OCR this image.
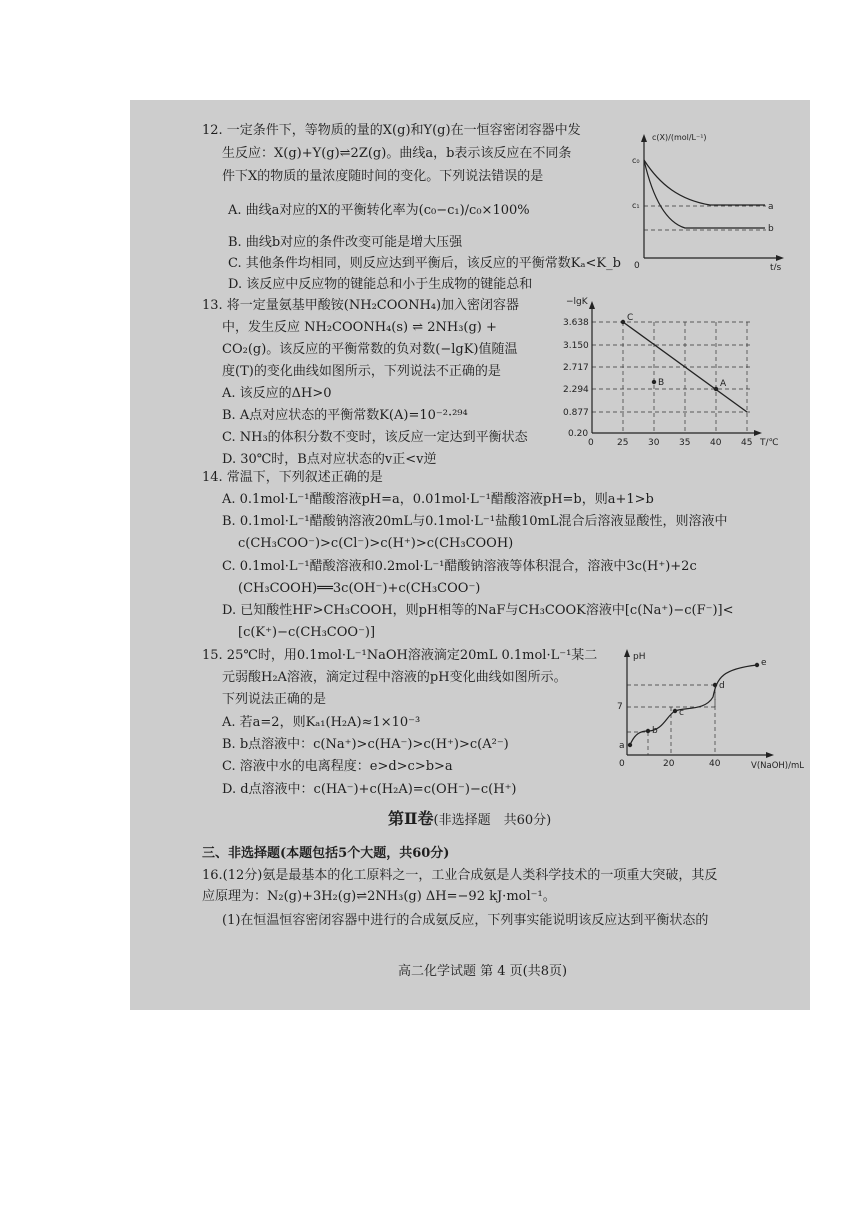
12. 一定条件下，等物质的量的X(g)和Y(g)在一恒容密闭容器中发
生反应：X(g)+Y(g)⇌2Z(g)。曲线a，b表示该反应在不同条
件下X的物质的量浓度随时间的变化。下列说法错误的是
A. 曲线a对应的X的平衡转化率为(c₀−c₁)/c₀×100%
B. 曲线b对应的条件改变可能是增大压强
C. 其他条件均相同，则反应达到平衡后，该反应的平衡常数Kₐ<K_b
D. 该反应中反应物的键能总和小于生成物的键能总和
c(X)/(mol/L⁻¹)
t/s
0
c₀
c₁	a
b
13. 将一定量氨基甲酸铵(NH₂COONH₄)加入密闭容器
中，发生反应 NH₂COONH₄(s) ⇌ 2NH₃(g) +
CO₂(g)。该反应的平衡常数的负对数(−lgK)值随温
度(T)的变化曲线如图所示，下列说法不正确的是
A. 该反应的ΔH>0
B. A点对应状态的平衡常数K(A)=10⁻²·²⁹⁴
C. NH₃的体积分数不变时，该反应一定达到平衡状态
D. 30℃时，B点对应状态的v正<v逆
−lgK
T/℃
0
3.638
3.150
2.717
2.294
0.877
0.20
25 30 35 40 45
C
B	A
14. 常温下，下列叙述正确的是
A. 0.1mol·L⁻¹醋酸溶液pH=a，0.01mol·L⁻¹醋酸溶液pH=b，则a+1>b
B. 0.1mol·L⁻¹醋酸钠溶液20mL与0.1mol·L⁻¹盐酸10mL混合后溶液显酸性，则溶液中
c(CH₃COO⁻)>c(Cl⁻)>c(H⁺)>c(CH₃COOH)
C. 0.1mol·L⁻¹醋酸溶液和0.2mol·L⁻¹醋酸钠溶液等体积混合，溶液中3c(H⁺)+2c
(CH₃COOH)══3c(OH⁻)+c(CH₃COO⁻)
D. 已知酸性HF>CH₃COOH，则pH相等的NaF与CH₃COOK溶液中[c(Na⁺)−c(F⁻)]<
[c(K⁺)−c(CH₃COO⁻)]
15. 25℃时，用0.1mol·L⁻¹NaOH溶液滴定20mL 0.1mol·L⁻¹某二
元弱酸H₂A溶液，滴定过程中溶液的pH变化曲线如图所示。
下列说法正确的是
A. 若a=2，则Kₐ₁(H₂A)≈1×10⁻³
B. b点溶液中：c(Na⁺)>c(HA⁻)>c(H⁺)>c(A²⁻)
C. 溶液中水的电离程度：e>d>c>b>a
D. d点溶液中：c(HA⁻)+c(H₂A)=c(OH⁻)−c(H⁺)
pH
V(NaOH)/mL
0
7
20	40
a
b
c
d
e
第Ⅱ卷(非选择题　共60分)
三、非选择题(本题包括5个大题，共60分)
16.(12分)氨是最基本的化工原料之一，工业合成氨是人类科学技术的一项重大突破，其反
应原理为：N₂(g)+3H₂(g)⇌2NH₃(g) ΔH=−92 kJ·mol⁻¹。
(1)在恒温恒容密闭容器中进行的合成氨反应，下列事实能说明该反应达到平衡状态的
高二化学试题 第 4 页(共8页)
